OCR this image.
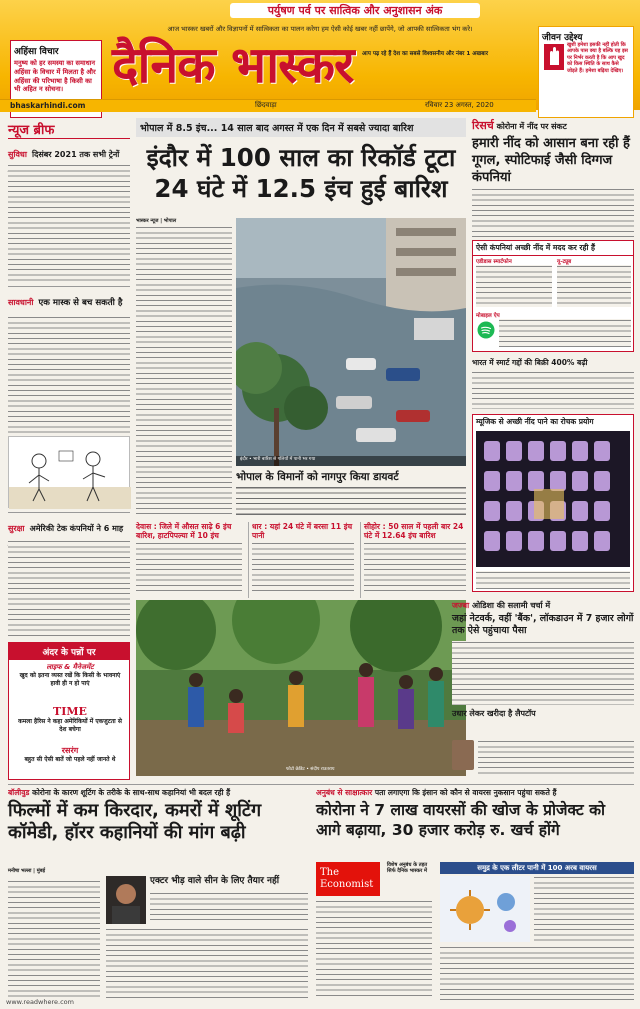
पर्युषण पर्व पर सात्विक और अनुशासन अंक
आज भास्कर खबरों और विज्ञापनों में सात्विकता का पालन करेगा हम ऐसी कोई खबर नहीं छापेंगे, जो आपकी सात्विकता भंग करे।
अहिंसा विचार
मनुष्य को हर समस्या का समाधान अहिंसा के विचार में मिलता है और अहिंसा की परिभाषा है किसी का भी अहित न सोचना। दैनिक भास्कर	आप पढ़ रहे हैं देश का सबसे विश्वसनीय और नंबर 1 अखबार
जीवन उद्देश्य
खुशी हमेशा इसकी नहीं होती कि आपके पास क्या है बल्कि यह इस पर निर्भर करती है कि आप खुद को किस स्थिति के साथ कैसे जोड़ते हैं। हमेशा बढ़िया देखिए।
bhaskarhindi.com	छिंदवाड़ा	रविवार 23 अगस्त, 2020
न्यूज ब्रीफ
सुविधा दिसंबर 2021 तक सभी ट्रेनों
सावधानी एक मास्क से बच सकती है
सुरक्षा अमेरिकी टेक कंपनियों ने 6 माह
अंदर के पन्नों पर
लाइफ & मैनेजमेंट
खुद को इतना व्यस्त रखें कि किसी के भावनाएं हावी ही न हो पाएं
TIME
कमला हैरिस ने कहा अमेरिकियों में एकजुटता से देश बचेगा
रसरंग
बहुत सी ऐसी बातें जो पहले नहीं जानते थे
भोपाल में 8.5 इंच... 14 साल बाद अगस्त में एक दिन में सबसे ज्यादा बारिश
इंदौर में 100 साल का रिकॉर्ड टूटा
24 घंटे में 12.5 इंच हुई बारिश
भास्कर न्यूज | भोपाल
इंदौर • भारी बारिश से गलियों में पानी भर गया
भोपाल के विमानों को नागपुर किया डायवर्ट
देवास : जिले में औसत साढ़े 6 इंच बारिश, हाटपिपल्या में 10 इंच
धार : यहां 24 घंटे में बरसा 11 इंच पानी
सीहोर : 50 साल में पहली बार 24 घंटे में 12.64 इंच बारिश
रिसर्च कोरोना में नींद पर संकट
हमारी नींद को आसान बना रही हैं गूगल, स्पोटिफाई जैसी दिग्गज कंपनियां
ऐसी कंपनियां अच्छी नींद में मदद कर रही हैं
एडीडास स्मार्टफोन	यू-ट्यूब
मोबाइल ऐप
भारत में स्मार्ट गद्दों की बिक्री 400% बढ़ी
म्यूजिक से अच्छी नींद पाने का रोचक प्रयोग
फोटो क्रेडिट • संदीप राउतराय
जज्बा ओडिशा की सलामी चर्चा में
जहां नेटवर्क, वहीं 'बैंक', लॉकडाउन में 7 हजार लोगों तक ऐसे पहुंचाया पैसा
उधार लेकर खरीदा है लैपटॉप
बॉलीवुड कोरोना के कारण शूटिंग के तरीके के साथ-साथ कहानियां भी बदल रही हैं
फिल्मों में कम किरदार, कमरों में शूटिंग कॉमेडी, हॉरर कहानियों की मांग बढ़ी
मनीषा भल्ला | मुंबई
एक्टर भीड़ वाले सीन के लिए तैयार नहीं
अनुबंध से साक्षात्कार पता लगाएगा कि इंसान को कौन से वायरस नुकसान पहुंचा सकते हैं
कोरोना ने 7 लाख वायरसों की खोज के प्रोजेक्ट को आगे बढ़ाया, 30 हजार करोड़ रु. खर्च होंगे
The Economist
विशेष अनुबंध के तहत सिर्फ दैनिक भास्कर में	समुद्र के एक लीटर पानी में 100 अरब वायरस
www.readwhere.com
